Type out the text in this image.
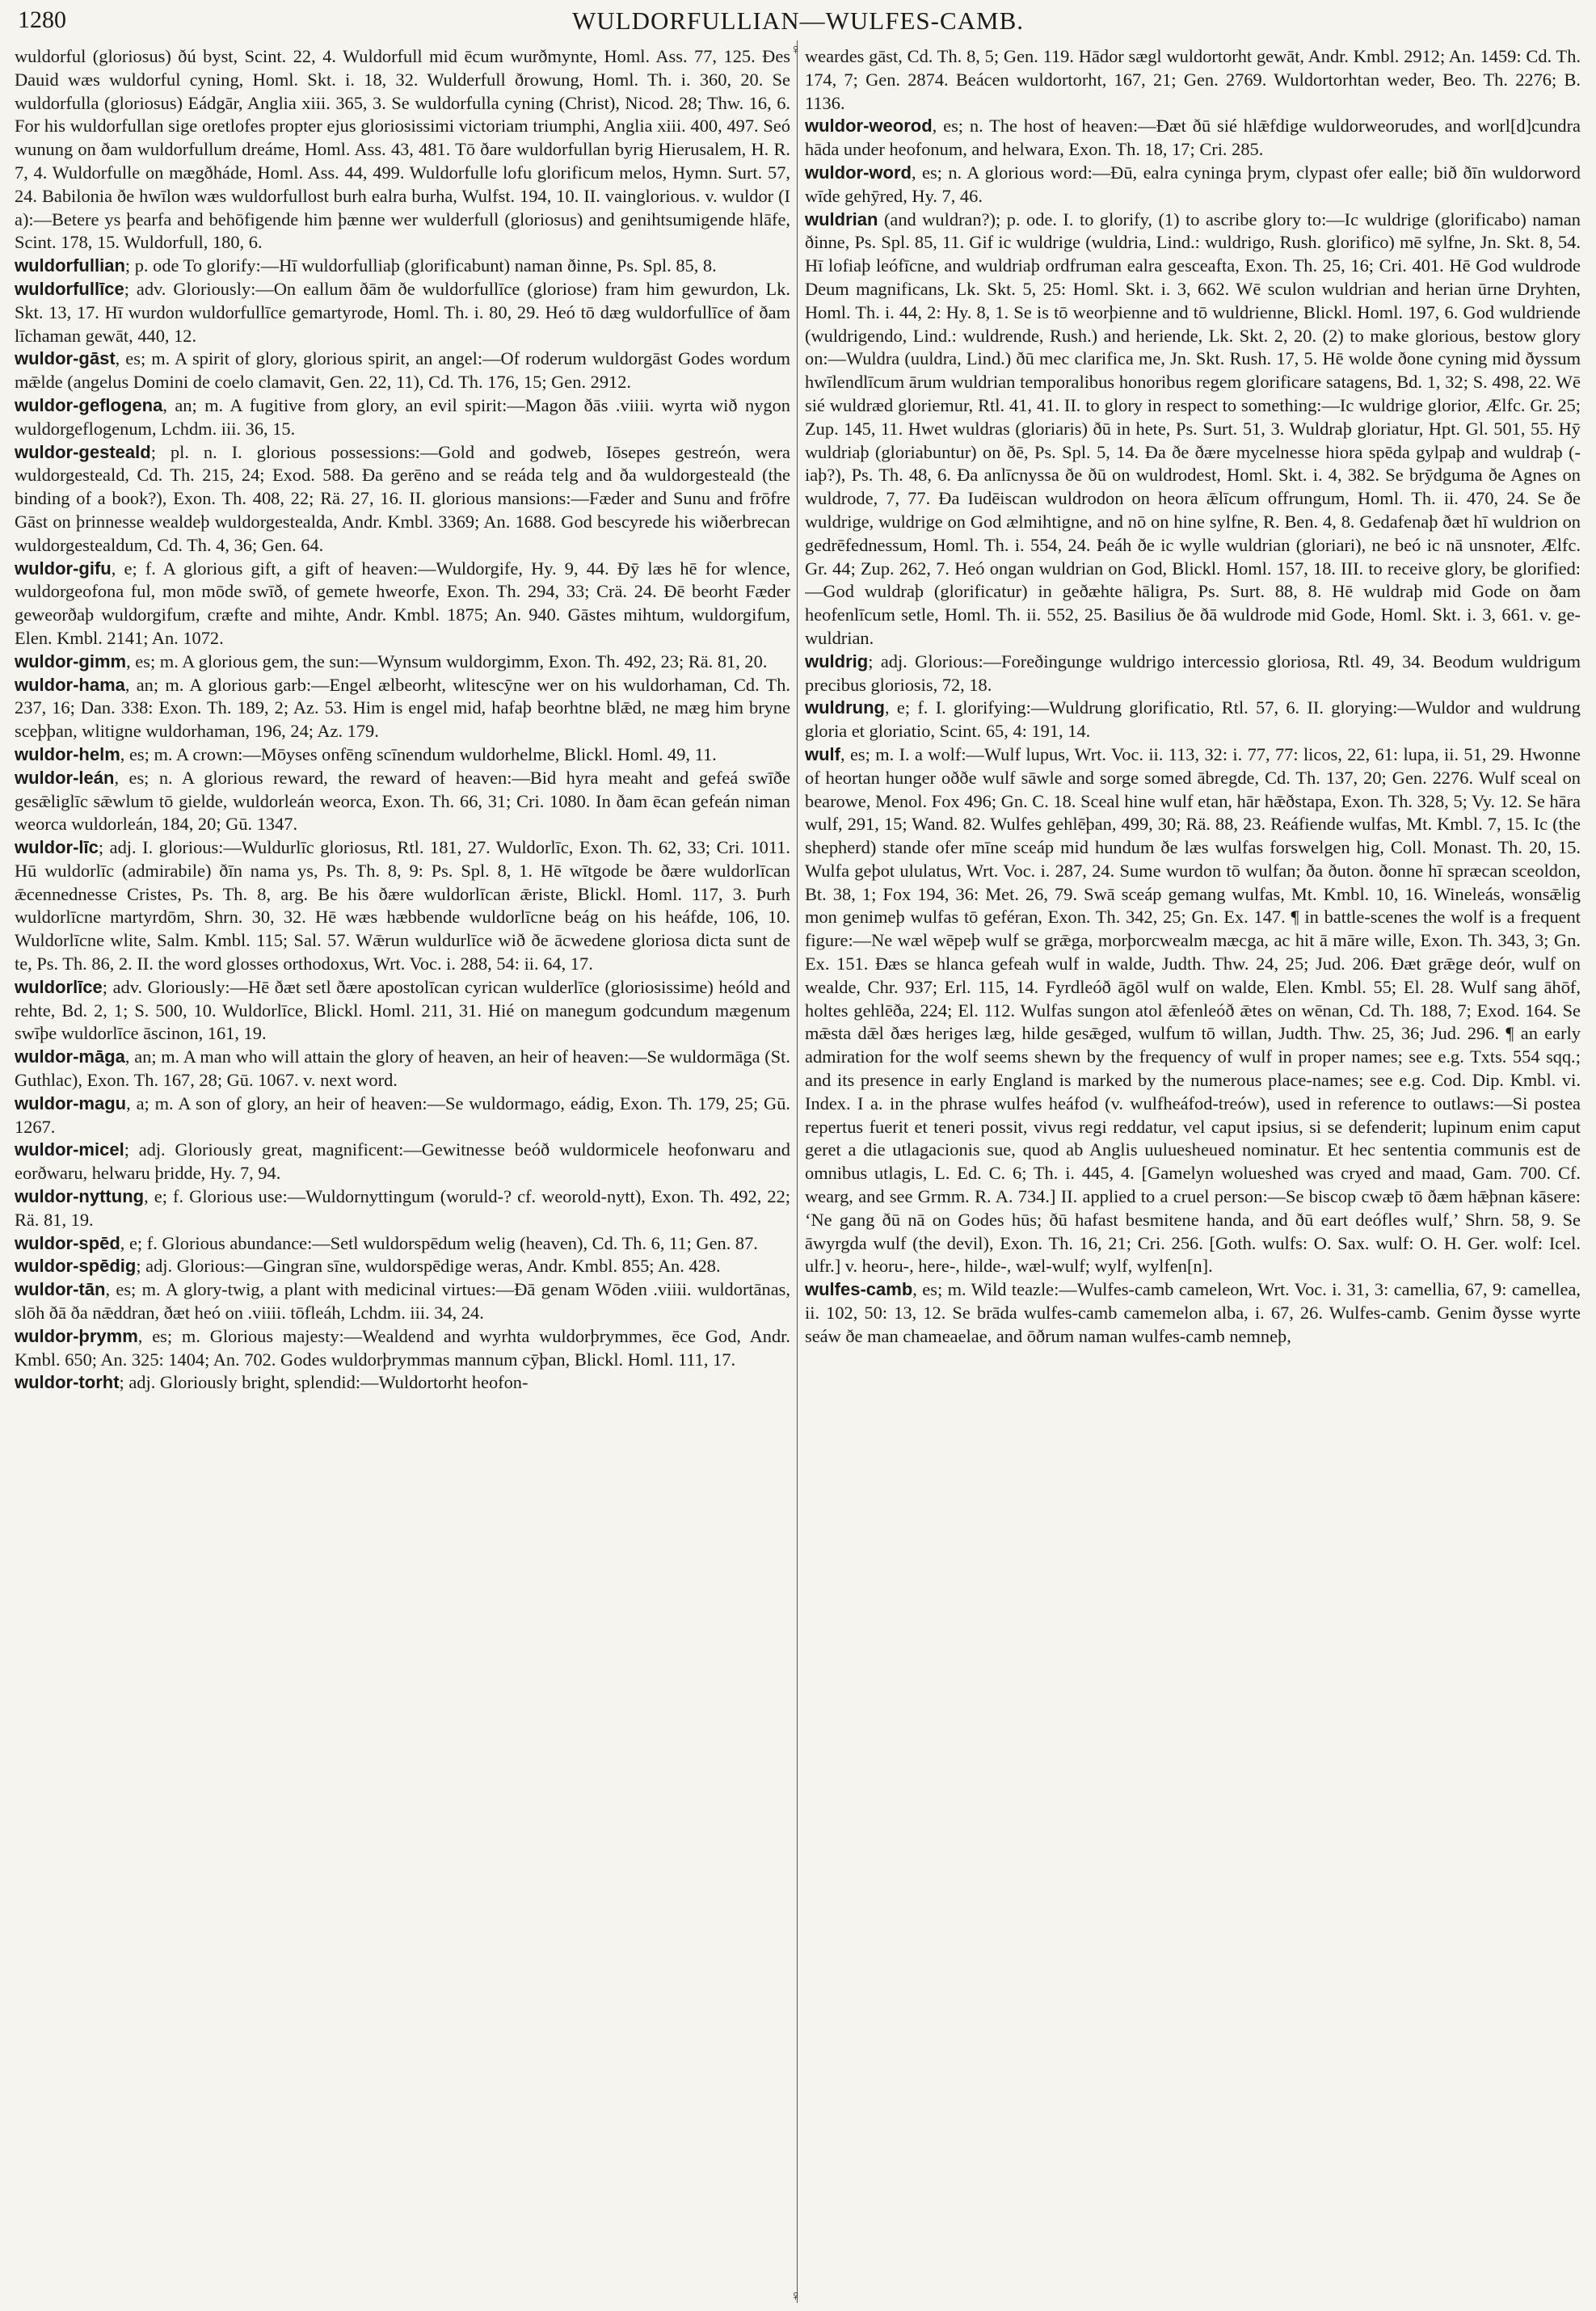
1280	WULDORFULLIAN—WULFES-CAMB.
♀
♀

wuldorful (gloriosus) ðú byst, Scint. 22, 4. Wuldorfull mid ēcum wurðmynte, Homl. Ass. 77, 125. Ðes Dauid wæs wuldorful cyning, Homl. Skt. i. 18, 32. Wulderfull ðrowung, Homl. Th. i. 360, 20. Se wuldorfulla (gloriosus) Eádgār, Anglia xiii. 365, 3. Se wuldorfulla cyning (Christ), Nicod. 28; Thw. 16, 6. For his wuldorfullan sige oretlofes propter ejus gloriosissimi victoriam triumphi, Anglia xiii. 400, 497. Seó wunung on ðam wuldorfullum dreáme, Homl. Ass. 43, 481. Tō ðare wuldorfullan byrig Hierusalem, H. R. 7, 4. Wuldorfulle on mægðháde, Homl. Ass. 44, 499. Wuldorfulle lofu glorificum melos, Hymn. Surt. 57, 24. Babilonia ðe hwīlon wæs wuldorfullost burh ealra burha, Wulfst. 194, 10. II. vaingloriοus. v. wuldor (I a):—Betere ys þearfa and behōfigende him þænne wer wulderfull (gloriosus) and genihtsumigende hlāfe, Scint. 178, 15. Wuldorfull, 180, 6.

wuldorfullian; p. ode To glorify:—Hī wuldorfulliaþ (glorificabunt) naman ðinne, Ps. Spl. 85, 8.

wuldorfullīce; adv. Gloriously:—On eallum ðām ðe wuldorfullīce (gloriose) fram him gewurdon, Lk. Skt. 13, 17. Hī wurdon wuldorfullīce gemartyrode, Homl. Th. i. 80, 29. Heó tō dæg wuldorfullīce of ðam līchaman gewāt, 440, 12.

wuldor-gāst, es; m. A spirit of glory, glorious spirit, an angel:—Of roderum wuldorgāst Godes wordum mǣlde (angelus Domini de coelo clamavit, Gen. 22, 11), Cd. Th. 176, 15; Gen. 2912.

wuldor-geflogena, an; m. A fugitive from glory, an evil spirit:—Magon ðās .viiii. wyrta wið nygon wuldorgeflogenum, Lchdm. iii. 36, 15.

wuldor-gesteald; pl. n. I. glorious possessions:—Gold and godweb, Iōsepes gestreón, wera wuldorgesteald, Cd. Th. 215, 24; Exod. 588. Ða gerēno and se reáda telg and ða wuldorgesteald (the binding of a book?), Exon. Th. 408, 22; Rä. 27, 16. II. glorious mansions:—Fæder and Sunu and frōfre Gāst on þrinnesse wealdeþ wuldorgestealda, Andr. Kmbl. 3369; An. 1688. God bescyrede his wiðerbrecan wuldorgestealdum, Cd. Th. 4, 36; Gen. 64.

wuldor-gifu, e; f. A glorious gift, a gift of heaven:—Wuldorgife, Hy. 9, 44. Ðȳ læs hē for wlence, wuldorgeofona ful, mon mōde swīð, of gemete hweorfe, Exon. Th. 294, 33; Crä. 24. Ðē beorht Fæder geweorðaþ wuldorgifum, cræfte and mihte, Andr. Kmbl. 1875; An. 940. Gāstes mihtum, wuldorgifum, Elen. Kmbl. 2141; An. 1072.

wuldor-gimm, es; m. A glorious gem, the sun:—Wynsum wuldorgimm, Exon. Th. 492, 23; Rä. 81, 20.

wuldor-hama, an; m. A glorious garb:—Engel ælbeorht, wlitescȳne wer on his wuldorhaman, Cd. Th. 237, 16; Dan. 338: Exon. Th. 189, 2; Az. 53. Him is engel mid, hafaþ beorhtne blǣd, ne mæg him bryne sceþþan, wlitigne wuldorhaman, 196, 24; Az. 179.

wuldor-helm, es; m. A crown:—Mōyses onfēng scīnendum wuldorhelme, Blickl. Homl. 49, 11.

wuldor-leán, es; n. A glorious reward, the reward of heaven:—Bid hyra meaht and gefeá swīðe gesǣliglīc sǣwlum tō gielde, wuldorleán weorca, Exon. Th. 66, 31; Cri. 1080. In ðam ēcan gefeán niman weorca wuldorleán, 184, 20; Gū. 1347.

wuldor-līc; adj. I. glorious:—Wuldurlīc gloriosus, Rtl. 181, 27. Wuldorlīc, Exon. Th. 62, 33; Cri. 1011. Hū wuldorlīc (admirabile) ðīn nama ys, Ps. Th. 8, 9: Ps. Spl. 8, 1. Hē wītgode be ðære wuldorlīcan ǣcennednesse Cristes, Ps. Th. 8, arg. Be his ðære wuldorlīcan ǣriste, Blickl. Homl. 117, 3. Þurh wuldorlīcne martyrdōm, Shrn. 30, 32. Hē wæs hæbbende wuldorlīcne beág on his heáfde, 106, 10. Wuldorlīcne wlite, Salm. Kmbl. 115; Sal. 57. Wǣrun wuldurlīce wið ðe ācwedene gloriosa dicta sunt de te, Ps. Th. 86, 2. II. the word glosses orthodoxus, Wrt. Voc. i. 288, 54: ii. 64, 17.

wuldorlīce; adv. Gloriously:—Hē ðæt setl ðære apostolīcan cyrican wulderlīce (gloriosissime) heóld and rehte, Bd. 2, 1; S. 500, 10. Wuldorlīce, Blickl. Homl. 211, 31. Hié on manegum godcundum mægenum swīþe wuldorlīce āscinon, 161, 19.

wuldor-māga, an; m. A man who will attain the glory of heaven, an heir of heaven:—Se wuldormāga (St. Guthlac), Exon. Th. 167, 28; Gū. 1067. v. next word.

wuldor-magu, a; m. A son of glory, an heir of heaven:—Se wuldormago, eádig, Exon. Th. 179, 25; Gū. 1267.

wuldor-micel; adj. Gloriously great, magnificent:—Gewitnesse beóð wuldormicele heofonwaru and eorðwaru, helwaru þridde, Hy. 7, 94.

wuldor-nyttung, e; f. Glorious use:—Wuldornyttingum (woruld-? cf. weorold-nytt), Exon. Th. 492, 22; Rä. 81, 19.

wuldor-spēd, e; f. Glorious abundance:—Setl wuldorspēdum welig (heaven), Cd. Th. 6, 11; Gen. 87.

wuldor-spēdig; adj. Glorious:—Gingran sīne, wuldorspēdige weras, Andr. Kmbl. 855; An. 428.

wuldor-tān, es; m. A glory-twig, a plant with medicinal virtues:—Ðā genam Wōden .viiii. wuldortānas, slōh ðā ða nǣddran, ðæt heó on .viiii. tōfleáh, Lchdm. iii. 34, 24.

wuldor-þrymm, es; m. Glorious majesty:—Wealdend and wyrhta wuldorþrymmes, ēce God, Andr. Kmbl. 650; An. 325: 1404; An. 702. Godes wuldorþrymmas mannum cȳþan, Blickl. Homl. 111, 17.

wuldor-torht; adj. Gloriously bright, splendid:—Wuldortorht heofon-

weardes gāst, Cd. Th. 8, 5; Gen. 119. Hādor sægl wuldortorht gewāt, Andr. Kmbl. 2912; An. 1459: Cd. Th. 174, 7; Gen. 2874. Beácen wuldortorht, 167, 21; Gen. 2769. Wuldortorhtan weder, Beo. Th. 2276; B. 1136.

wuldor-weorod, es; n. The host of heaven:—Ðæt ðū sié hlǣfdige wuldorweorudes, and worl[d]cundra hāda under heofonum, and helwara, Exon. Th. 18, 17; Cri. 285.

wuldor-word, es; n. A glorious word:—Ðū, ealra cyninga þrym, clypast ofer ealle; bið ðīn wuldorword wīde gehȳred, Hy. 7, 46.

wuldrian (and wuldran?); p. ode. I. to glorify, (1) to ascribe glory to:—Ic wuldrige (glorificabo) naman ðinne, Ps. Spl. 85, 11. Gif ic wuldrige (wuldria, Lind.: wuldrigo, Rush. glorifico) mē sylfne, Jn. Skt. 8, 54. Hī lofiaþ leófīcne, and wuldriaþ ordfruman ealra gesceafta, Exon. Th. 25, 16; Cri. 401. Hē God wuldrode Deum magnificans, Lk. Skt. 5, 25: Homl. Skt. i. 3, 662. Wē sculon wuldrian and herian ūrne Dryhten, Homl. Th. i. 44, 2: Hy. 8, 1. Se is tō weorþienne and tō wuldrienne, Blickl. Homl. 197, 6. God wuldriende (wuldrigendo, Lind.: wuldrende, Rush.) and heriende, Lk. Skt. 2, 20. (2) to make glorious, bestow glory on:—Wuldra (uuldra, Lind.) ðū mec clarifica me, Jn. Skt. Rush. 17, 5. Hē wolde ðone cyning mid ðyssum hwīlendlīcum ārum wuldrian temporalibus honoribus regem glorificare satagens, Bd. 1, 32; S. 498, 22. Wē sié wuldræd gloriemur, Rtl. 41, 41. II. to glory in respect to something:—Ic wuldrige glorior, Ælfc. Gr. 25; Zup. 145, 11. Hwet wuldras (gloriaris) ðū in hete, Ps. Surt. 51, 3. Wuldraþ gloriatur, Hpt. Gl. 501, 55. Hȳ wuldriaþ (gloriabuntur) on ðē, Ps. Spl. 5, 14. Ða ðe ðære mycelnesse hiora spēda gylpaþ and wuldraþ (-iaþ?), Ps. Th. 48, 6. Ða anlīcnyssa ðe ðū on wuldrodest, Homl. Skt. i. 4, 382. Se brȳdguma ðe Agnes on wuldrode, 7, 77. Ða Iudēiscan wuldrodon on heora ǣlīcum offrungum, Homl. Th. ii. 470, 24. Se ðe wuldrige, wuldrige on God ælmihtigne, and nō on hine sylfne, R. Ben. 4, 8. Gedafenaþ ðæt hī wuldrion on gedrēfednessum, Homl. Th. i. 554, 24. Þeáh ðe ic wylle wuldrian (gloriari), ne beó ic nā unsnoter, Ælfc. Gr. 44; Zup. 262, 7. Heó ongan wuldrian on God, Blickl. Homl. 157, 18. III. to receive glory, be glorified:—God wuldraþ (glorificatur) in geðæhte hāligra, Ps. Surt. 88, 8. Hē wuldraþ mid Gode on ðam heofenlīcum setle, Homl. Th. ii. 552, 25. Basilius ðe ðā wuldrode mid Gode, Homl. Skt. i. 3, 661. v. ge-wuldrian.

wuldrig; adj. Glorious:—Foreðingunge wuldrigo intercessio gloriosa, Rtl. 49, 34. Beodum wuldrigum precibus gloriosis, 72, 18.

wuldrung, e; f. I. glorifying:—Wuldrung glorificatio, Rtl. 57, 6. II. glorying:—Wuldor and wuldrung gloria et gloriatio, Scint. 65, 4: 191, 14.

wulf, es; m. I. a wolf:—Wulf lupus, Wrt. Voc. ii. 113, 32: i. 77, 77: licos, 22, 61: lupa, ii. 51, 29. Hwonne of heortan hunger oððe wulf sāwle and sorge somed ābregde, Cd. Th. 137, 20; Gen. 2276. Wulf sceal on bearowe, Menol. Fox 496; Gn. C. 18. Sceal hine wulf etan, hār hǣðstapa, Exon. Th. 328, 5; Vy. 12. Se hāra wulf, 291, 15; Wand. 82. Wulfes gehlēþan, 499, 30; Rä. 88, 23. Reáfiende wulfas, Mt. Kmbl. 7, 15. Ic (the shepherd) stande ofer mīne sceáp mid hundum ðe læs wulfas forswelgen hig, Coll. Monast. Th. 20, 15. Wulfa geþot ululatus, Wrt. Voc. i. 287, 24. Sume wurdon tō wulfan; ða ðuton. ðonne hī spræcan sceoldon, Bt. 38, 1; Fox 194, 36: Met. 26, 79. Swā sceáp gemang wulfas, Mt. Kmbl. 10, 16. Wineleás, wonsǣlig mon genimeþ wulfas tō geféran, Exon. Th. 342, 25; Gn. Ex. 147. ¶ in battle-scenes the wolf is a frequent figure:—Ne wæl wēpeþ wulf se grǣga, morþorcwealm mæcga, ac hit ā māre wille, Exon. Th. 343, 3; Gn. Ex. 151. Ðæs se hlanca gefeah wulf in walde, Judth. Thw. 24, 25; Jud. 206. Ðæt grǣge deór, wulf on wealde, Chr. 937; Erl. 115, 14. Fyrdleóð āgōl wulf on walde, Elen. Kmbl. 55; El. 28. Wulf sang āhōf, holtes gehlēða, 224; El. 112. Wulfas sungon atol ǣfenleóð ǣtes on wēnan, Cd. Th. 188, 7; Exod. 164. Se mǣsta dǣl ðæs heriges læg, hilde gesǣged, wulfum tō willan, Judth. Thw. 25, 36; Jud. 296. ¶ an early admiration for the wolf seems shewn by the frequency of wulf in proper names; see e.g. Txts. 554 sqq.; and its presence in early England is marked by the numerous place-names; see e.g. Cod. Dip. Kmbl. vi. Index. I a. in the phrase wulfes heáfod (v. wulfheáfod-treów), used in reference to outlaws:—Si postea repertus fuerit et teneri possit, vivus regi reddatur, vel caput ipsius, si se defenderit; lupinum enim caput geret a die utlagacionis sue, quod ab Anglis uuluesheued nominatur. Et hec sententia communis est de omnibus utlagis, L. Ed. C. 6; Th. i. 445, 4. [Gamelyn wolueshed was cryed and maad, Gam. 700. Cf. wearg, and see Grmm. R. A. 734.] II. applied to a cruel person:—Se biscop cwæþ tō ðæm hǣþnan kāsere: ‘Ne gang ðū nā on Godes hūs; ðū hafast besmitene handa, and ðū eart deófles wulf,’ Shrn. 58, 9. Se āwyrgda wulf (the devil), Exon. Th. 16, 21; Cri. 256. [Goth. wulfs: O. Sax. wulf: O. H. Ger. wolf: Icel. ulfr.] v. heoru-, here-, hilde-, wæl-wulf; wylf, wylfen[n].

wulfes-camb, es; m. Wild teazle:—Wulfes-camb cameleon, Wrt. Voc. i. 31, 3: camellia, 67, 9: camellea, ii. 102, 50: 13, 12. Se brāda wulfes-camb camemelon alba, i. 67, 26. Wulfes-camb. Genim ðysse wyrte seáw ðe man chameaelae, and ōðrum naman wulfes-camb nemneþ,
